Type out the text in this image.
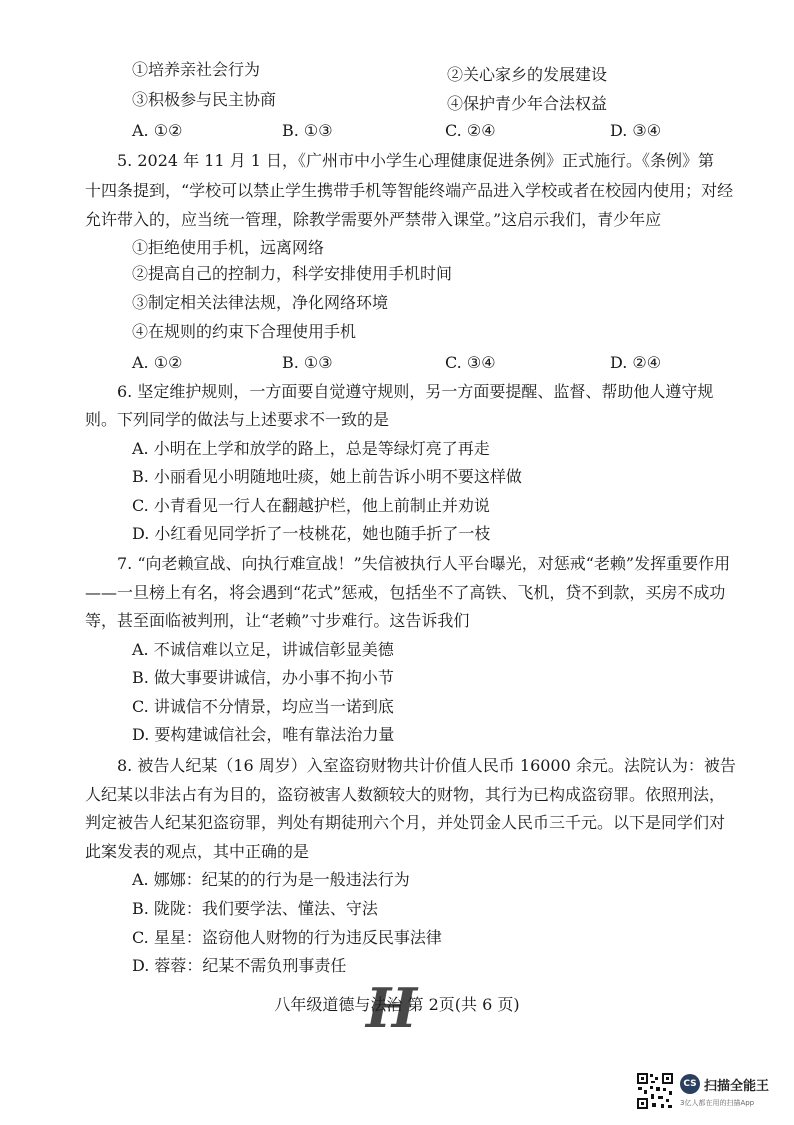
①培养亲社会行为	②关心家乡的发展建设
③积极参与民主协商	④保护青少年合法权益
A. ①②	B. ①③	C. ②④	D. ③④
5. 2024 年 11 月 1 日，《广州市中小学生心理健康促进条例》正式施行。《条例》第
十四条提到，“学校可以禁止学生携带手机等智能终端产品进入学校或者在校园内使用；对经
允许带入的，应当统一管理，除教学需要外严禁带入课堂。”这启示我们，青少年应
①拒绝使用手机，远离网络
②提高自己的控制力，科学安排使用手机时间
③制定相关法律法规，净化网络环境
④在规则的约束下合理使用手机
A. ①②	B. ①③	C. ③④	D. ②④
6. 坚定维护规则，一方面要自觉遵守规则，另一方面要提醒、监督、帮助他人遵守规
则。下列同学的做法与上述要求不一致的是
A. 小明在上学和放学的路上，总是等绿灯亮了再走
B. 小丽看见小明随地吐痰，她上前告诉小明不要这样做
C. 小青看见一行人在翻越护栏，他上前制止并劝说
D. 小红看见同学折了一枝桃花，她也随手折了一枝
7. “向老赖宣战、向执行难宣战！”失信被执行人平台曝光，对惩戒“老赖”发挥重要作用
——一旦榜上有名，将会遇到“花式”惩戒，包括坐不了高铁、飞机，贷不到款，买房不成功
等，甚至面临被判刑，让“老赖”寸步难行。这告诉我们
A. 不诚信难以立足，讲诚信彰显美德
B. 做大事要讲诚信，办小事不拘小节
C. 讲诚信不分情景，均应当一诺到底
D. 要构建诚信社会，唯有靠法治力量
8. 被告人纪某（16 周岁）入室盗窃财物共计价值人民币 16000 余元。法院认为：被告
人纪某以非法占有为目的，盗窃被害人数额较大的财物，其行为已构成盗窃罪。依照刑法，
判定被告人纪某犯盗窃罪，判处有期徒刑六个月，并处罚金人民币三千元。以下是同学们对
此案发表的观点，其中正确的是
A. 娜娜：纪某的的行为是一般违法行为
B. 陇陇：我们要学法、懂法、守法
C. 星星：盗窃他人财物的行为违反民事法律
D. 蓉蓉：纪某不需负刑事责任
H
八年级道德与法治 第 2页(共 6 页)
CS 扫描全能王
3亿人都在用的扫描App
